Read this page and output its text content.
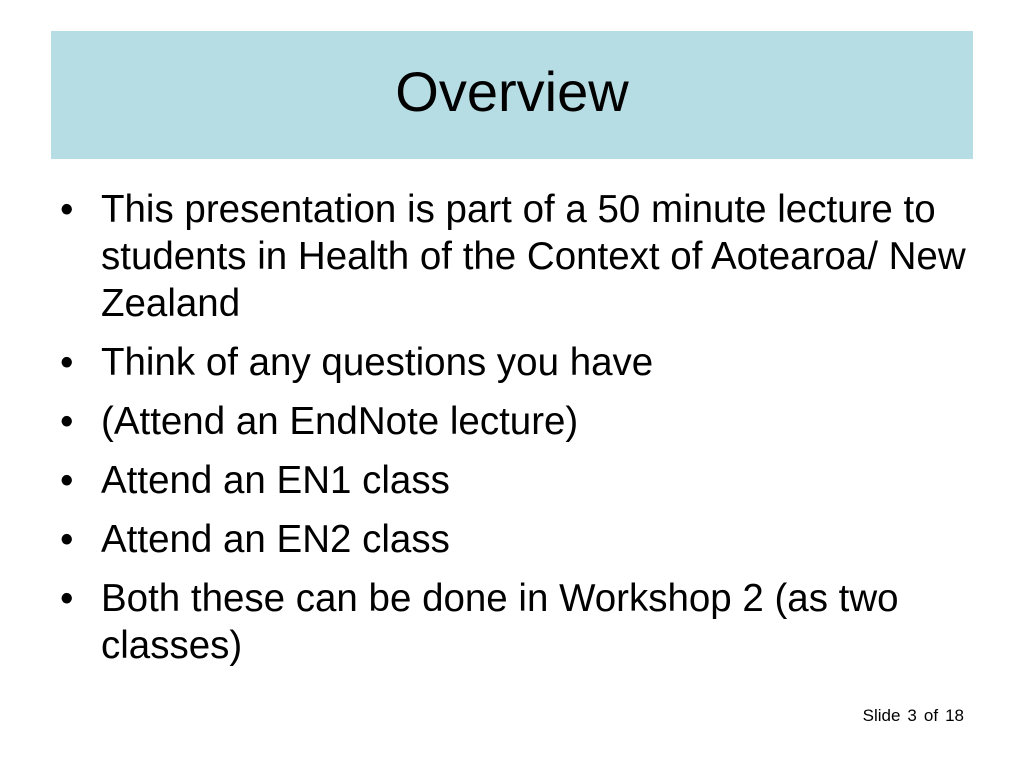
Overview
• This presentation is part of a 50 minute lecture to students in Health of the Context of Aotearoa/ New Zealand
• Think of any questions you have
• (Attend an EndNote lecture)
• Attend an EN1 class
• Attend an EN2 class
• Both these can be done in Workshop 2 (as two classes)
Slide 3 of 18
